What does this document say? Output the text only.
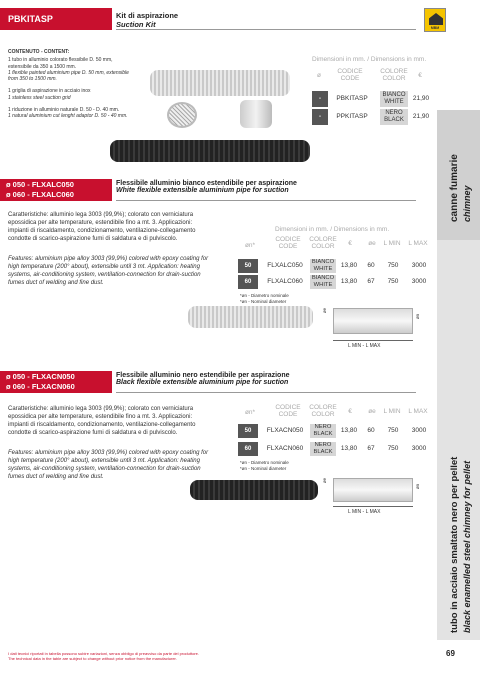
PBKITASP	Kit di aspirazione
Suction Kit	MBM
canne fumarie chimney
tubo in acciaio smaltato nero per pellet black enamelled steel chimney for pellet
CONTENUTO - CONTENT:
1 tubo in alluminio colorato flessibile D. 50 mm,
estensibile da 350 a 1500 mm.
1 flexible painted aluminium pipe D. 50 mm, extensible
from 350 to 1500 mm.
1 griglia di aspirazione in acciaio inox
1 stainless steel suction grid
1 riduzione in alluminio naturale D. 50 - D. 40 mm.
1 natural aluminium cut lenght adaptor D. 50 - 40 mm.
Dimensioni in mm. / Dimensions in mm.
ø
CODICE
CODE
COLORE
COLOR	€
-	PBKITASP	BIANCO
WHITE	21,90
-	PPKITASP	NERO
BLACK	21,90
ø 050 - FLXALC050
ø 060 - FLXALC060
Flessibile alluminio bianco estendibile per aspirazione
White flexible extensible aluminium pipe for suction
Caratteristiche: alluminio lega 3003 (99,9%); colorato con verniciatura epossidica per alte temperature, estendibile fino a mt. 3. Applicazioni: impianti di riscaldamento, condizionamento, ventilazione-collegamento condotte di scarico-aspirazione fumi di saldatura e di pulviscolo.
Features: aluminium pipe alloy 3003 (99,9%) colored with epoxy coating for high temperature (200° about), extensible until 3 mt. Application: heating systems, air-conditioning system, ventilation-connection for drain-suction fumes duct of welding and fine dust.
Dimensioni in mm. / Dimensions in mm.
øn*
CODICE
CODE
COLORE
COLOR	€	øe	L MIN	L MAX
50	FLXALC050	BIANCO
WHITE	13,80	60	750	3000
60	FLXALC060	BIANCO
WHITE	13,80	67	750	3000
*øn - Diametro nominale
*øn - Nominal diameter
øe
øn
L MIN - L MAX
ø 050 - FLXACN050
ø 060 - FLXACN060
Flessibile alluminio nero estendibile per aspirazione
Black flexible extensible aluminium pipe for suction
Caratteristiche: alluminio lega 3003 (99,9%); colorato con verniciatura epossidica per alte temperature, estendibile fino a mt. 3. Applicazioni: impianti di riscaldamento, condizionamento, ventilazione-collegamento condotte di scarico-aspirazione fumi di saldatura e di pulviscolo.
Features: aluminium pipe alloy 3003 (99,9%) colored with epoxy coating for high temperature (200° about), extensible until 3 mt. Application: heating systems, air-conditioning system, ventilation-connection for drain-suction fumes duct of welding and fine dust.
øn*
CODICE
CODE
COLORE
COLOR	€	øe	L MIN	L MAX
50	FLXACN050	NERO
BLACK	13,80	60	750	3000
60	FLXACN060	NERO
BLACK	13,80	67	750	3000
*øn - Diametro nominale
*øn - Nominal diameter
øe
øn
L MIN - L MAX
I dati tecnici riportati in tabella possono subire variazioni, senza obbligo di preavviso da parte del produttore.
The technical data in the table are subject to change without prior notice from the manufacturer.
69
